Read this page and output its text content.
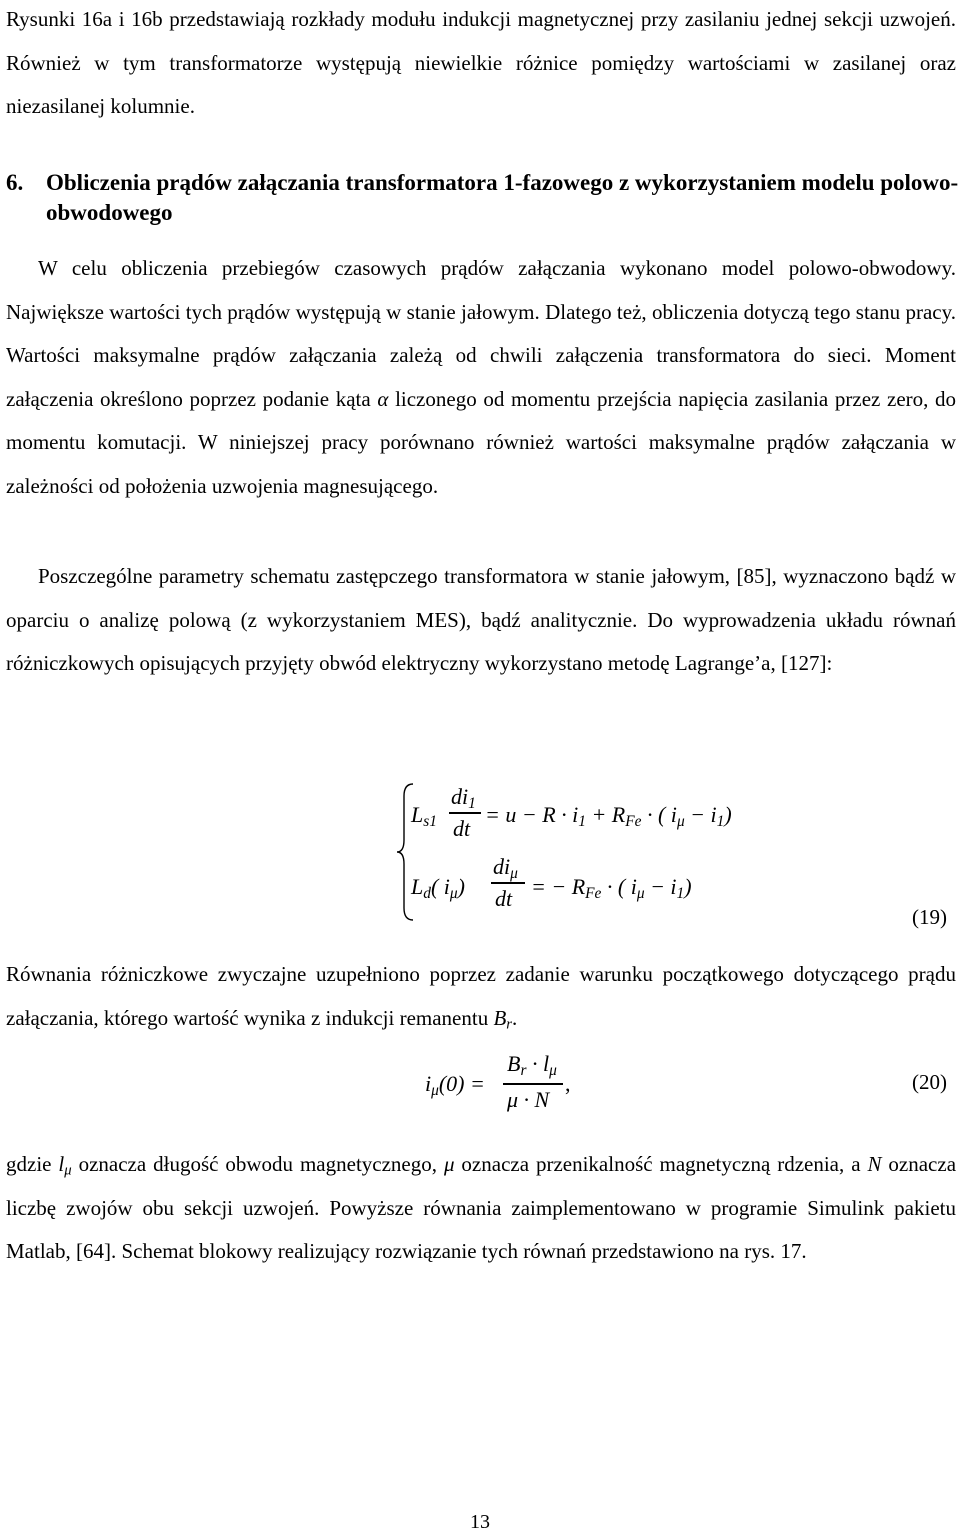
Rysunki 16a i 16b przedstawiają rozkłady modułu indukcji magnetycznej przy zasilaniu jednej sekcji uzwojeń. Również w tym transformatorze występują niewielkie różnice pomiędzy wartościami w zasilanej oraz niezasilanej kolumnie.

6. Obliczenia prądów załączania transformatora 1-fazowego z wykorzystaniem modelu polowo-obwodowego

W celu obliczenia przebiegów czasowych prądów załączania wykonano model polowo-obwodowy. Największe wartości tych prądów występują w stanie jałowym. Dlatego też, obliczenia dotyczą tego stanu pracy. Wartości maksymalne prądów załączania zależą od chwili załączenia transformatora do sieci. Moment załączenia określono poprzez podanie kąta α liczonego od momentu przejścia napięcia zasilania przez zero, do momentu komutacji. W niniejszej pracy porównano również wartości maksymalne prądów załączania w zależności od położenia uzwojenia magnesującego.

Poszczególne parametry schematu zastępczego transformatora w stanie jałowym, [85], wyznaczono bądź w oparciu o analizę polową (z wykorzystaniem MES), bądź analitycznie. Do wyprowadzenia układu równań różniczkowych opisujących przyjęty obwód elektryczny wykorzystano metodę Lagrange’a, [127]:

$L_{s1}$
$di_1$
dt
= $u - R \cdot i_1 + R_{Fe}$ · ( $i_\mu - i_1$)
$L_d$( $i_\mu$)
$di_\mu$
dt = − $R_{Fe}$ · ( $i_\mu - i_1$)
(19)

Równania różniczkowe zwyczajne uzupełniono poprzez zadanie warunku początkowego dotyczącego prądu załączania, którego wartość wynika z indukcji remanentu $B_r$.

$i_\mu(0)$ =
$B_r \cdot l_\mu$
μ · N
,	(20)

gdzie $l_\mu$ oznacza długość obwodu magnetycznego, μ oznacza przenikalność magnetyczną rdzenia, a N oznacza liczbę zwojów obu sekcji uzwojeń. Powyższe równania zaimplementowano w programie Simulink pakietu Matlab, [64]. Schemat blokowy realizujący rozwiązanie tych równań przedstawiono na rys. 17.

13
